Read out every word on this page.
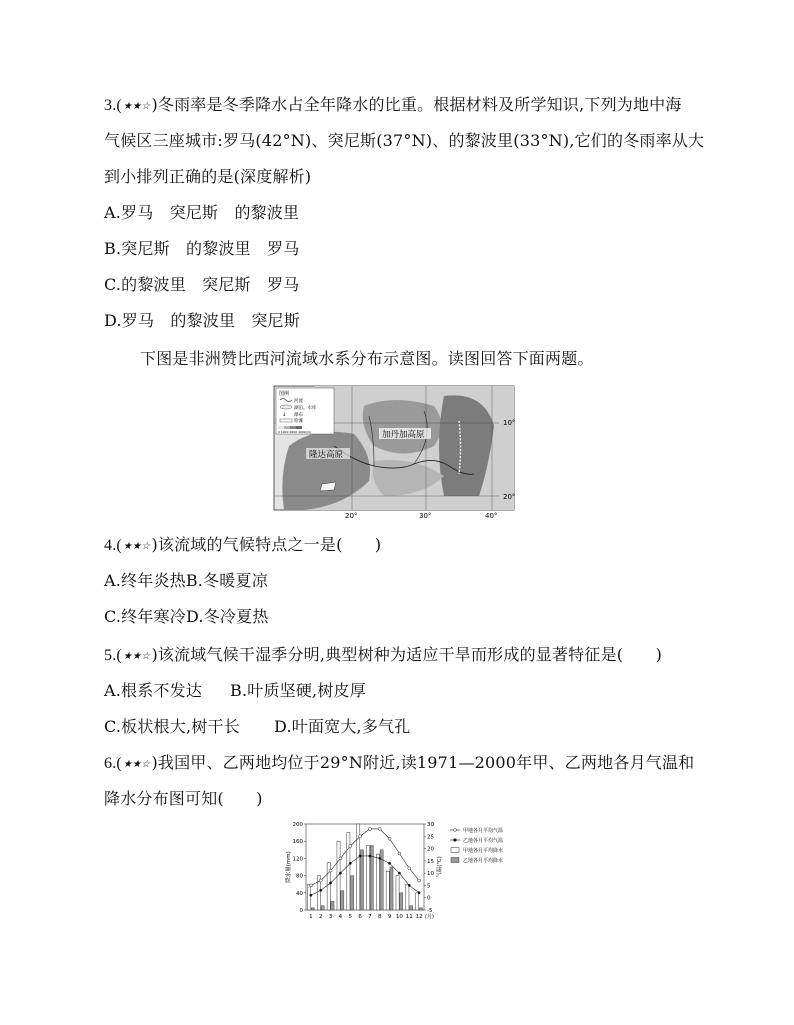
3.(★★☆)冬雨率是冬季降水占全年降水的比重。根据材料及所学知识,下列为地中海
气候区三座城市:罗马(42°N)、突尼斯(37°N)、的黎波里(33°N),它们的冬雨率从大
到小排列正确的是(深度解析)
A.罗马　突尼斯　的黎波里
B.突尼斯　的黎波里　罗马
C.的黎波里　突尼斯　罗马
D.罗马　的黎波里　突尼斯
下图是非洲赞比西河流域水系分布示意图。读图回答下面两题。
图例
河流
湖泊、水库
↓ 瀑布
险滩
0 1000 2000 4000(m)	加丹加高原
隆达高原
10°
20°
20°	30°	40°
4.(★★☆)该流域的气候特点之一是(　　)
A.终年炎热B.冬暖夏凉
C.终年寒冷D.冬冷夏热
5.(★★☆)该流域气候干湿季分明,典型树种为适应干旱而形成的显著特征是(　　)
A.根系不发达 B.叶质坚硬,树皮厚
C.板状根大,树干长 D.叶面宽大,多气孔
6.(★★☆)我国甲、乙两地均位于29°N附近,读1971—2000年甲、乙两地各月气温和
降水分布图可知(　　)
0
40
80
120
160
200
-5
0
5
10
15
20
25
30
降水量(mm)	气温(℃)
1 2 3 4 5 6 7 8 9 10 11 12 (月)
甲地各月平均气温
乙地各月平均气温
甲地各月平均降水
乙地各月平均降水
